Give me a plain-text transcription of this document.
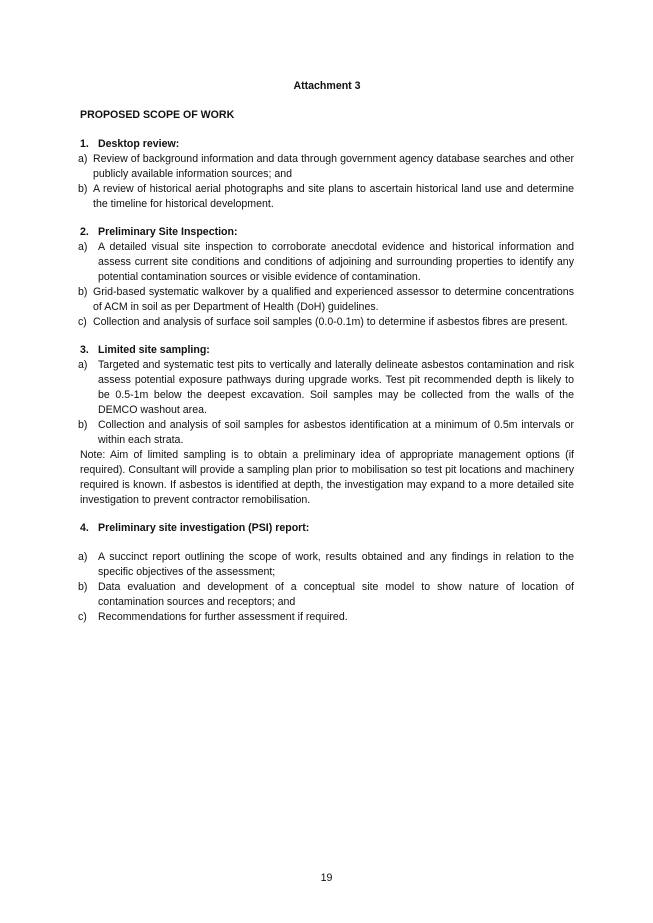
Attachment 3
PROPOSED SCOPE OF WORK
1. Desktop review:
a) Review of background information and data through government agency database searches and other publicly available information sources; and
b) A review of historical aerial photographs and site plans to ascertain historical land use and determine the timeline for historical development.
2. Preliminary Site Inspection:
a) A detailed visual site inspection to corroborate anecdotal evidence and historical information and assess current site conditions and conditions of adjoining and surrounding properties to identify any potential contamination sources or visible evidence of contamination.
b) Grid-based systematic walkover by a qualified and experienced assessor to determine concentrations of ACM in soil as per Department of Health (DoH) guidelines.
c) Collection and analysis of surface soil samples (0.0-0.1m) to determine if asbestos fibres are present.
3. Limited site sampling:
a) Targeted and systematic test pits to vertically and laterally delineate asbestos contamination and risk assess potential exposure pathways during upgrade works. Test pit recommended depth is likely to be 0.5-1m below the deepest excavation. Soil samples may be collected from the walls of the DEMCO washout area.
b) Collection and analysis of soil samples for asbestos identification at a minimum of 0.5m intervals or within each strata.
Note: Aim of limited sampling is to obtain a preliminary idea of appropriate management options (if required). Consultant will provide a sampling plan prior to mobilisation so test pit locations and machinery required is known. If asbestos is identified at depth, the investigation may expand to a more detailed site investigation to prevent contractor remobilisation.
4. Preliminary site investigation (PSI) report:
a) A succinct report outlining the scope of work, results obtained and any findings in relation to the specific objectives of the assessment;
b) Data evaluation and development of a conceptual site model to show nature of location of contamination sources and receptors; and
c)	Recommendations for further assessment if required.
19
